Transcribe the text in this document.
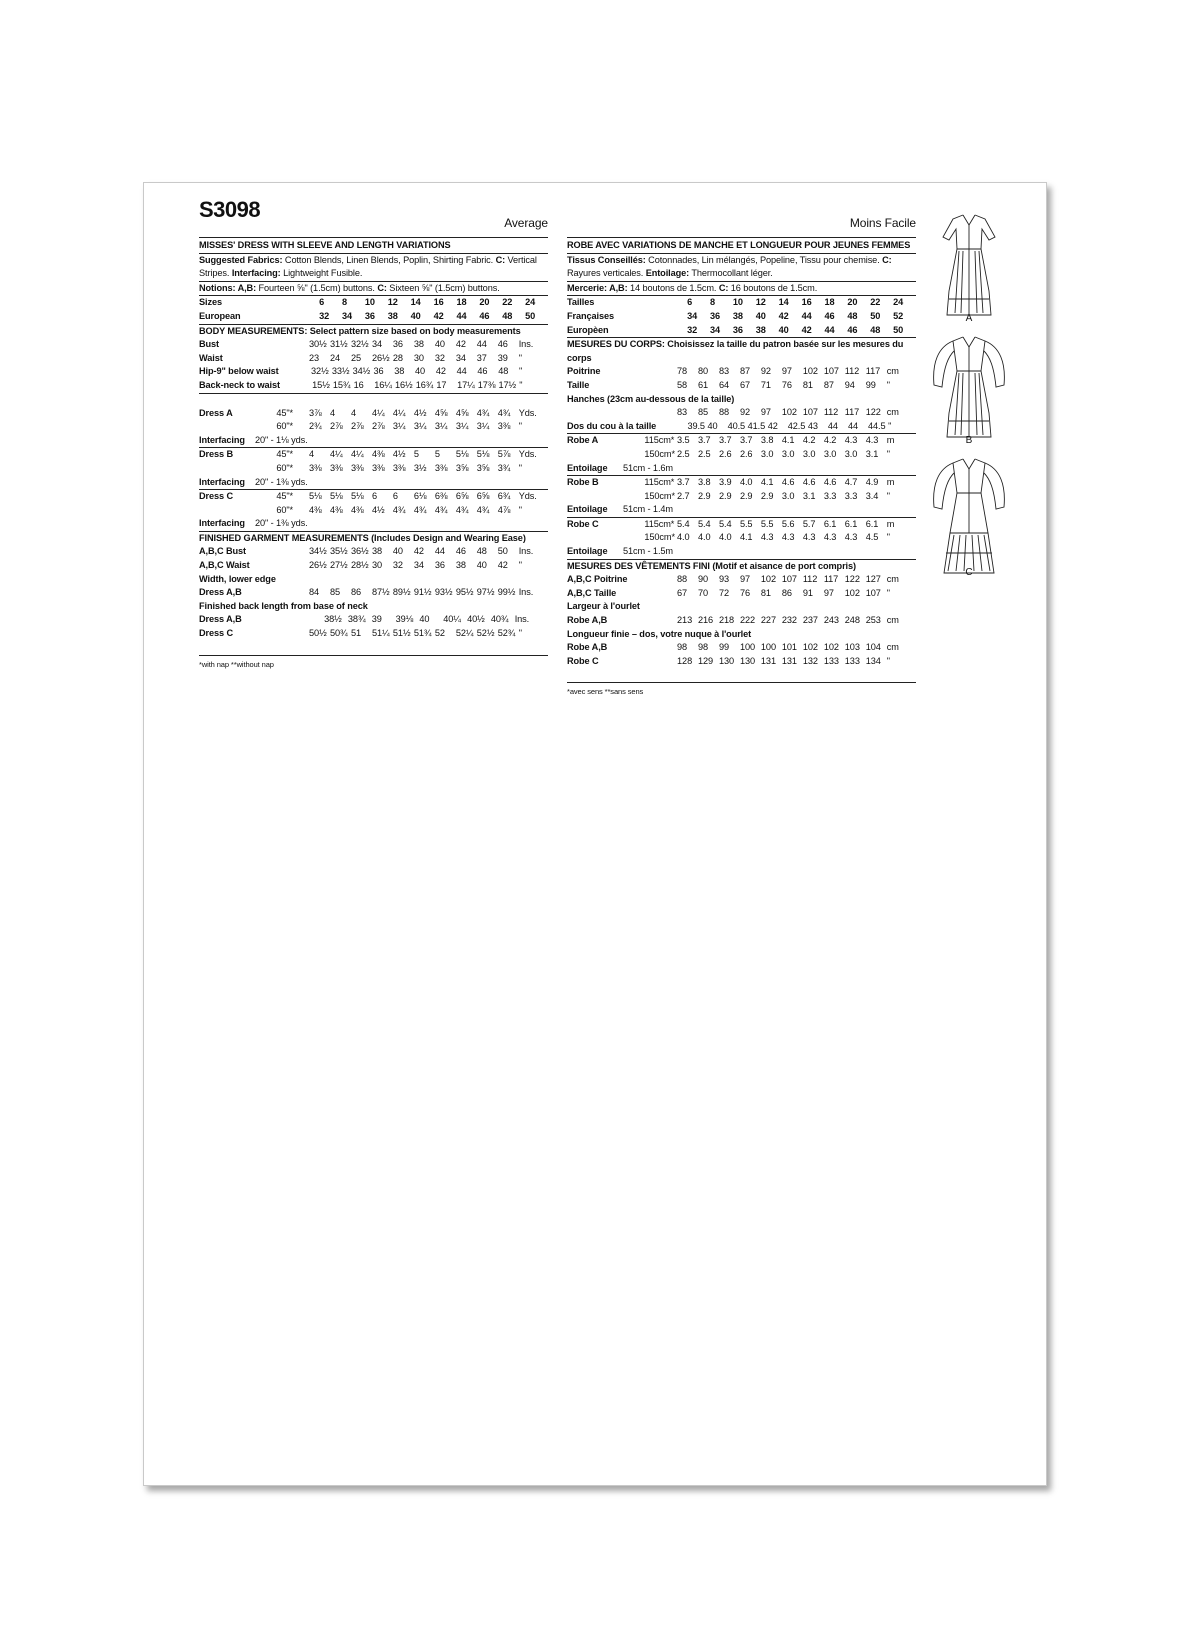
S3098
Average
MISSES' DRESS WITH SLEEVE AND LENGTH VARIATIONS
Suggested Fabrics: Cotton Blends, Linen Blends, Poplin, Shirting Fabric. C: Vertical Stripes. Interfacing: Lightweight Fusible.
Notions: A,B: Fourteen ⅝" (1.5cm) buttons. C: Sixteen ⅝" (1.5cm) buttons.
Sizes	6	8	10	12	14	16	18	20	22	24
European	32	34	36	38	40	42	44	46	48	50
BODY MEASUREMENTS: Select pattern size based on body measurements
Bust	30½ 31½ 32½ 34	36	38	40	42	44	46	Ins.
Waist	23	24	25	26½ 28	30	32	34	37	39	"
Hip-9" below waist	32½ 33½ 34½ 36	38	40	42	44	46	48	"
Back-neck to waist	15½ 15¾ 16	16¼ 16½ 16¾ 17	17¼ 17⅜ 17½ "
Dress A	45"*	3⅞ 4	4	4¼ 4¼ 4½ 4⅝ 4⅝ 4¾ 4¾ Yds.
60"*	2¾ 2⅞ 2⅞ 2⅞ 3¼ 3¼ 3¼ 3¼ 3¼ 3⅜ "
Interfacing	20" - 1⅛ yds.
Dress B	45"*	4	4¼ 4¼ 4⅜ 4½ 5	5	5⅛ 5⅛ 5⅞ Yds.
60"*	3⅜ 3⅜ 3⅜ 3⅜ 3⅜ 3½ 3⅜ 3⅝ 3⅝ 3¾ "
Interfacing	20" - 1⅜ yds.
Dress C	45"*	5⅛ 5⅛ 5⅛ 6	6	6⅛ 6⅜ 6⅝ 6⅝ 6¾ Yds.
60"*	4⅜ 4⅜ 4⅜ 4½ 4¾ 4¾ 4¾ 4¾ 4¾ 4⅞ "
Interfacing	20" - 1⅜ yds.
FINISHED GARMENT MEASUREMENTS (Includes Design and Wearing Ease)
A,B,C Bust	34½ 35½ 36½ 38	40	42	44	46	48	50	Ins.
A,B,C Waist	26½ 27½ 28½ 30	32	34	36	38	40	42	"
Width, lower edge
Dress A,B	84	85	86	87½ 89½ 91½ 93½ 95½ 97½ 99½ Ins.
Finished back length from base of neck
Dress A,B	38½ 38¾ 39	39⅛ 40	40¼ 40½ 40¾ Ins.
Dress C	50½ 50¾ 51	51¼ 51½ 51¾ 52	52¼ 52½ 52¾ "
*with nap **without nap
Moins Facile
ROBE AVEC VARIATIONS DE MANCHE ET LONGUEUR POUR JEUNES FEMMES
Tissus Conseillés: Cotonnades, Lin mélangés, Popeline, Tissu pour chemise. C: Rayures verticales. Entoilage: Thermocollant léger.
Mercerie: A,B: 14 boutons de 1.5cm. C: 16 boutons de 1.5cm.
Tailles	6	8	10	12	14	16	18	20	22	24
Françaises	34	36	38	40	42	44	46	48	50	52
Europèen	32	34	36	38	40	42	44	46	48	50
MESURES DU CORPS: Choisissez la taille du patron basée sur les mesures du corps
Poitrine	78	80	83	87	92	97	102 107 112 117 cm
Taille	58	61	64	67	71	76	81	87	94	99	"
Hanches (23cm au-dessous de la taille)
83	85	88	92	97	102 107 112 117 122 cm
Dos du cou à la taille	39.5 40	40.5 41.5 42	42.5 43	44	44	44.5 "
Robe A	115cm* 3.5 3.7 3.7 3.7 3.8 4.1 4.2 4.2 4.3 4.3 m
150cm* 2.5 2.5 2.6 2.6 3.0 3.0 3.0 3.0 3.0 3.1 "
Entoilage	51cm - 1.6m
Robe B	115cm* 3.7 3.8 3.9 4.0 4.1 4.6 4.6 4.6 4.7 4.9 m
150cm* 2.7 2.9 2.9 2.9 2.9 3.0 3.1 3.3 3.3 3.4 "
Entoilage	51cm - 1.4m
Robe C	115cm* 5.4 5.4 5.4 5.5 5.5 5.6 5.7 6.1 6.1 6.1 m
150cm* 4.0 4.0 4.0 4.1 4.3 4.3 4.3 4.3 4.3 4.5 "
Entoilage	51cm - 1.5m
MESURES DES VÊTEMENTS FINI (Motif et aisance de port compris)
A,B,C Poitrine	88	90	93	97	102 107 112 117 122 127 cm
A,B,C Taille	67	70	72	76	81	86	91	97	102 107 "
Largeur à l'ourlet
Robe A,B	213 216 218 222 227 232 237 243 248 253 cm
Longueur finie – dos, votre nuque à l'ourlet
Robe A,B	98	98	99	100 100 101 102 102 103 104 cm
Robe C	128 129 130 130 131 131 132 133 133 134 "
*avec sens **sans sens
A
B
C
